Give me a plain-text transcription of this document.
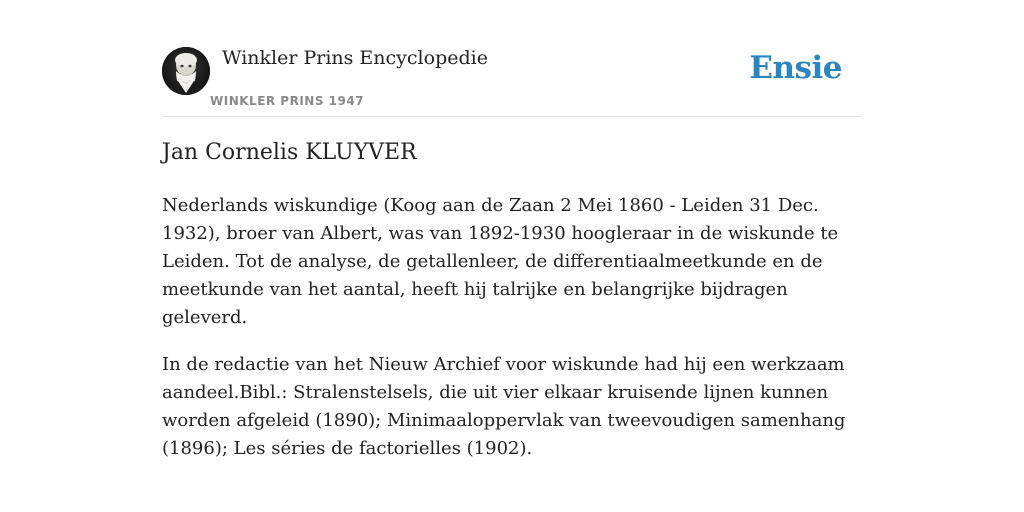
Winkler Prins Encyclopedie
WINKLER PRINS 1947
Ensie
Jan Cornelis KLUYVER

Nederlands wiskundige (Koog aan de Zaan 2 Mei 1860 - Leiden 31 Dec. 1932), broer van Albert, was van 1892-1930 hoogleraar in de wiskunde te Leiden. Tot de analyse, de getallenleer, de differentiaalmeetkunde en de meetkunde van het aantal, heeft hij talrijke en belangrijke bijdragen geleverd.

In de redactie van het Nieuw Archief voor wiskunde had hij een werkzaam aandeel.Bibl.: Stralenstelsels, die uit vier elkaar kruisende lijnen kunnen worden afgeleid (1890); Minimaaloppervlak van tweevoudigen samenhang (1896); Les séries de factorielles (1902).
